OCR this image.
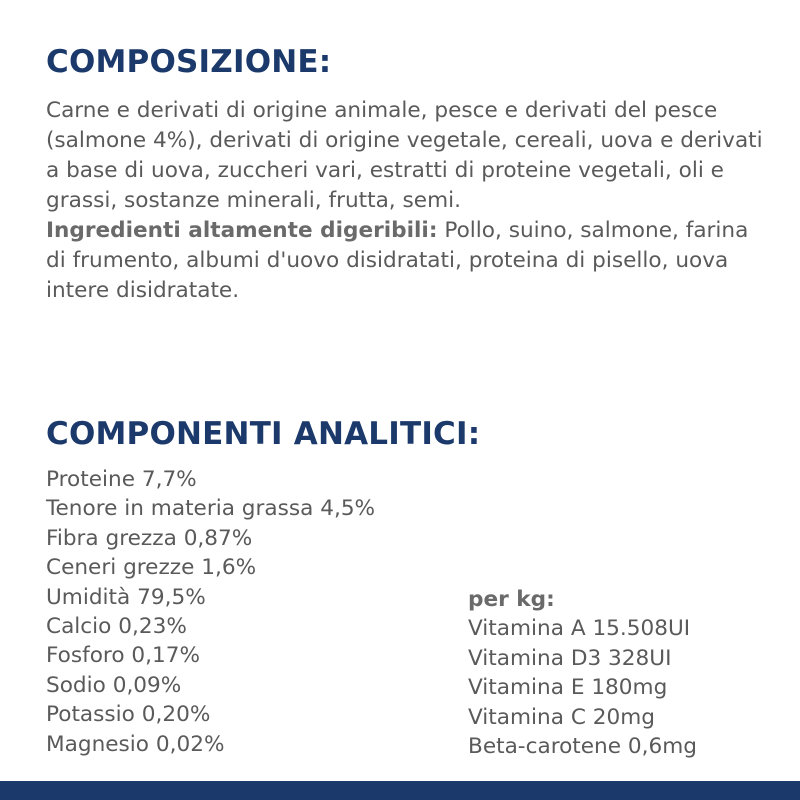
COMPOSIZIONE:

Carne e derivati di origine animale, pesce e derivati del pesce (salmone 4%), derivati di origine vegetale, cereali, uova e derivati a base di uova, zuccheri vari, estratti di proteine vegetali, oli e grassi, sostanze minerali, frutta, semi.
Ingredienti altamente digeribili: Pollo, suino, salmone, farina di frumento, albumi d'uovo disidratati, proteina di pisello, uova intere disidratate.

COMPONENTI ANALITICI:
Proteine 7,7%
Tenore in materia grassa 4,5%
Fibra grezza 0,87%
Ceneri grezze 1,6%
Umidità 79,5%
Calcio 0,23%
Fosforo 0,17%
Sodio 0,09%
Potassio 0,20%
Magnesio 0,02%
per kg:
Vitamina A 15.508UI
Vitamina D3 328UI
Vitamina E 180mg
Vitamina C 20mg
Beta-carotene 0,6mg
